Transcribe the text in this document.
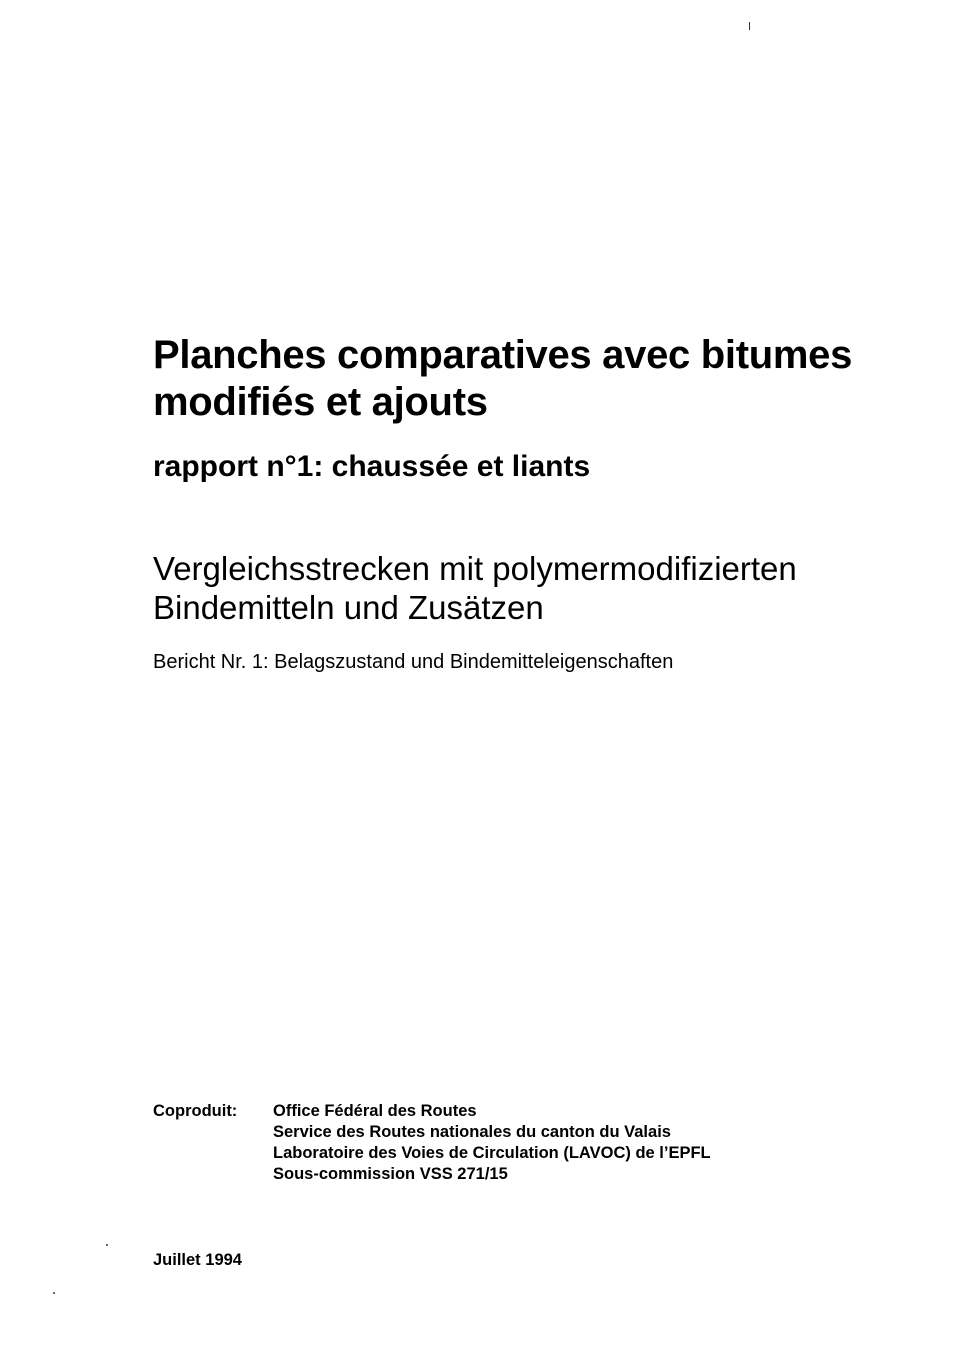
Planches comparatives avec bitumes
modifiés et ajouts
rapport n°1: chaussée et liants
Vergleichsstrecken mit polymermodifizierten
Bindemitteln und Zusätzen

Bericht Nr. 1: Belagszustand und Bindemitteleigenschaften

Coproduit:	Office Fédéral des Routes
Service des Routes nationales du canton du Valais
Laboratoire des Voies de Circulation (LAVOC) de l’EPFL
Sous-commission VSS 271/15
Juillet 1994
